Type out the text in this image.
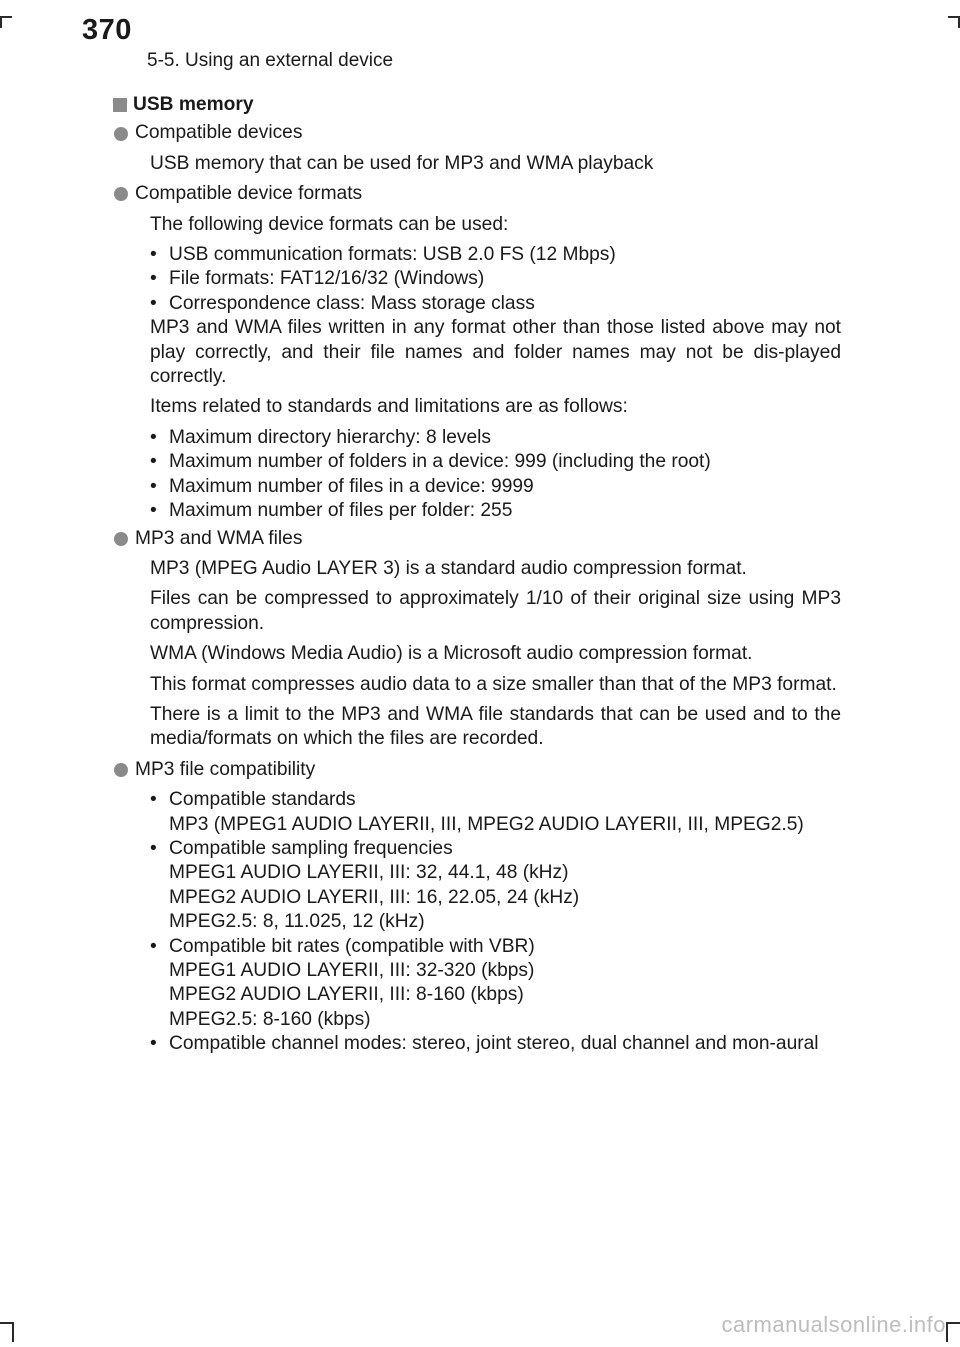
370
5-5. Using an external device
USB memory
Compatible devices
USB memory that can be used for MP3 and WMA playback
Compatible device formats
The following device formats can be used:
• USB communication formats: USB 2.0 FS (12 Mbps)
• File formats: FAT12/16/32 (Windows)
• Correspondence class: Mass storage class
MP3 and WMA files written in any format other than those listed above may not play correctly, and their file names and folder names may not be dis-played correctly.
Items related to standards and limitations are as follows:
• Maximum directory hierarchy: 8 levels
• Maximum number of folders in a device: 999 (including the root)
• Maximum number of files in a device: 9999
• Maximum number of files per folder: 255
MP3 and WMA files
MP3 (MPEG Audio LAYER 3) is a standard audio compression format.
Files can be compressed to approximately 1/10 of their original size using MP3 compression.
WMA (Windows Media Audio) is a Microsoft audio compression format.
This format compresses audio data to a size smaller than that of the MP3 format.
There is a limit to the MP3 and WMA file standards that can be used and to the media/formats on which the files are recorded.
MP3 file compatibility
• Compatible standards
MP3 (MPEG1 AUDIO LAYERII, III, MPEG2 AUDIO LAYERII, III, MPEG2.5)
• Compatible sampling frequencies
MPEG1 AUDIO LAYERII, III: 32, 44.1, 48 (kHz)
MPEG2 AUDIO LAYERII, III: 16, 22.05, 24 (kHz)
MPEG2.5: 8, 11.025, 12 (kHz)
• Compatible bit rates (compatible with VBR)
MPEG1 AUDIO LAYERII, III: 32-320 (kbps)
MPEG2 AUDIO LAYERII, III: 8-160 (kbps)
MPEG2.5: 8-160 (kbps)
• Compatible channel modes: stereo, joint stereo, dual channel and mon-aural
carmanualsonline.info
